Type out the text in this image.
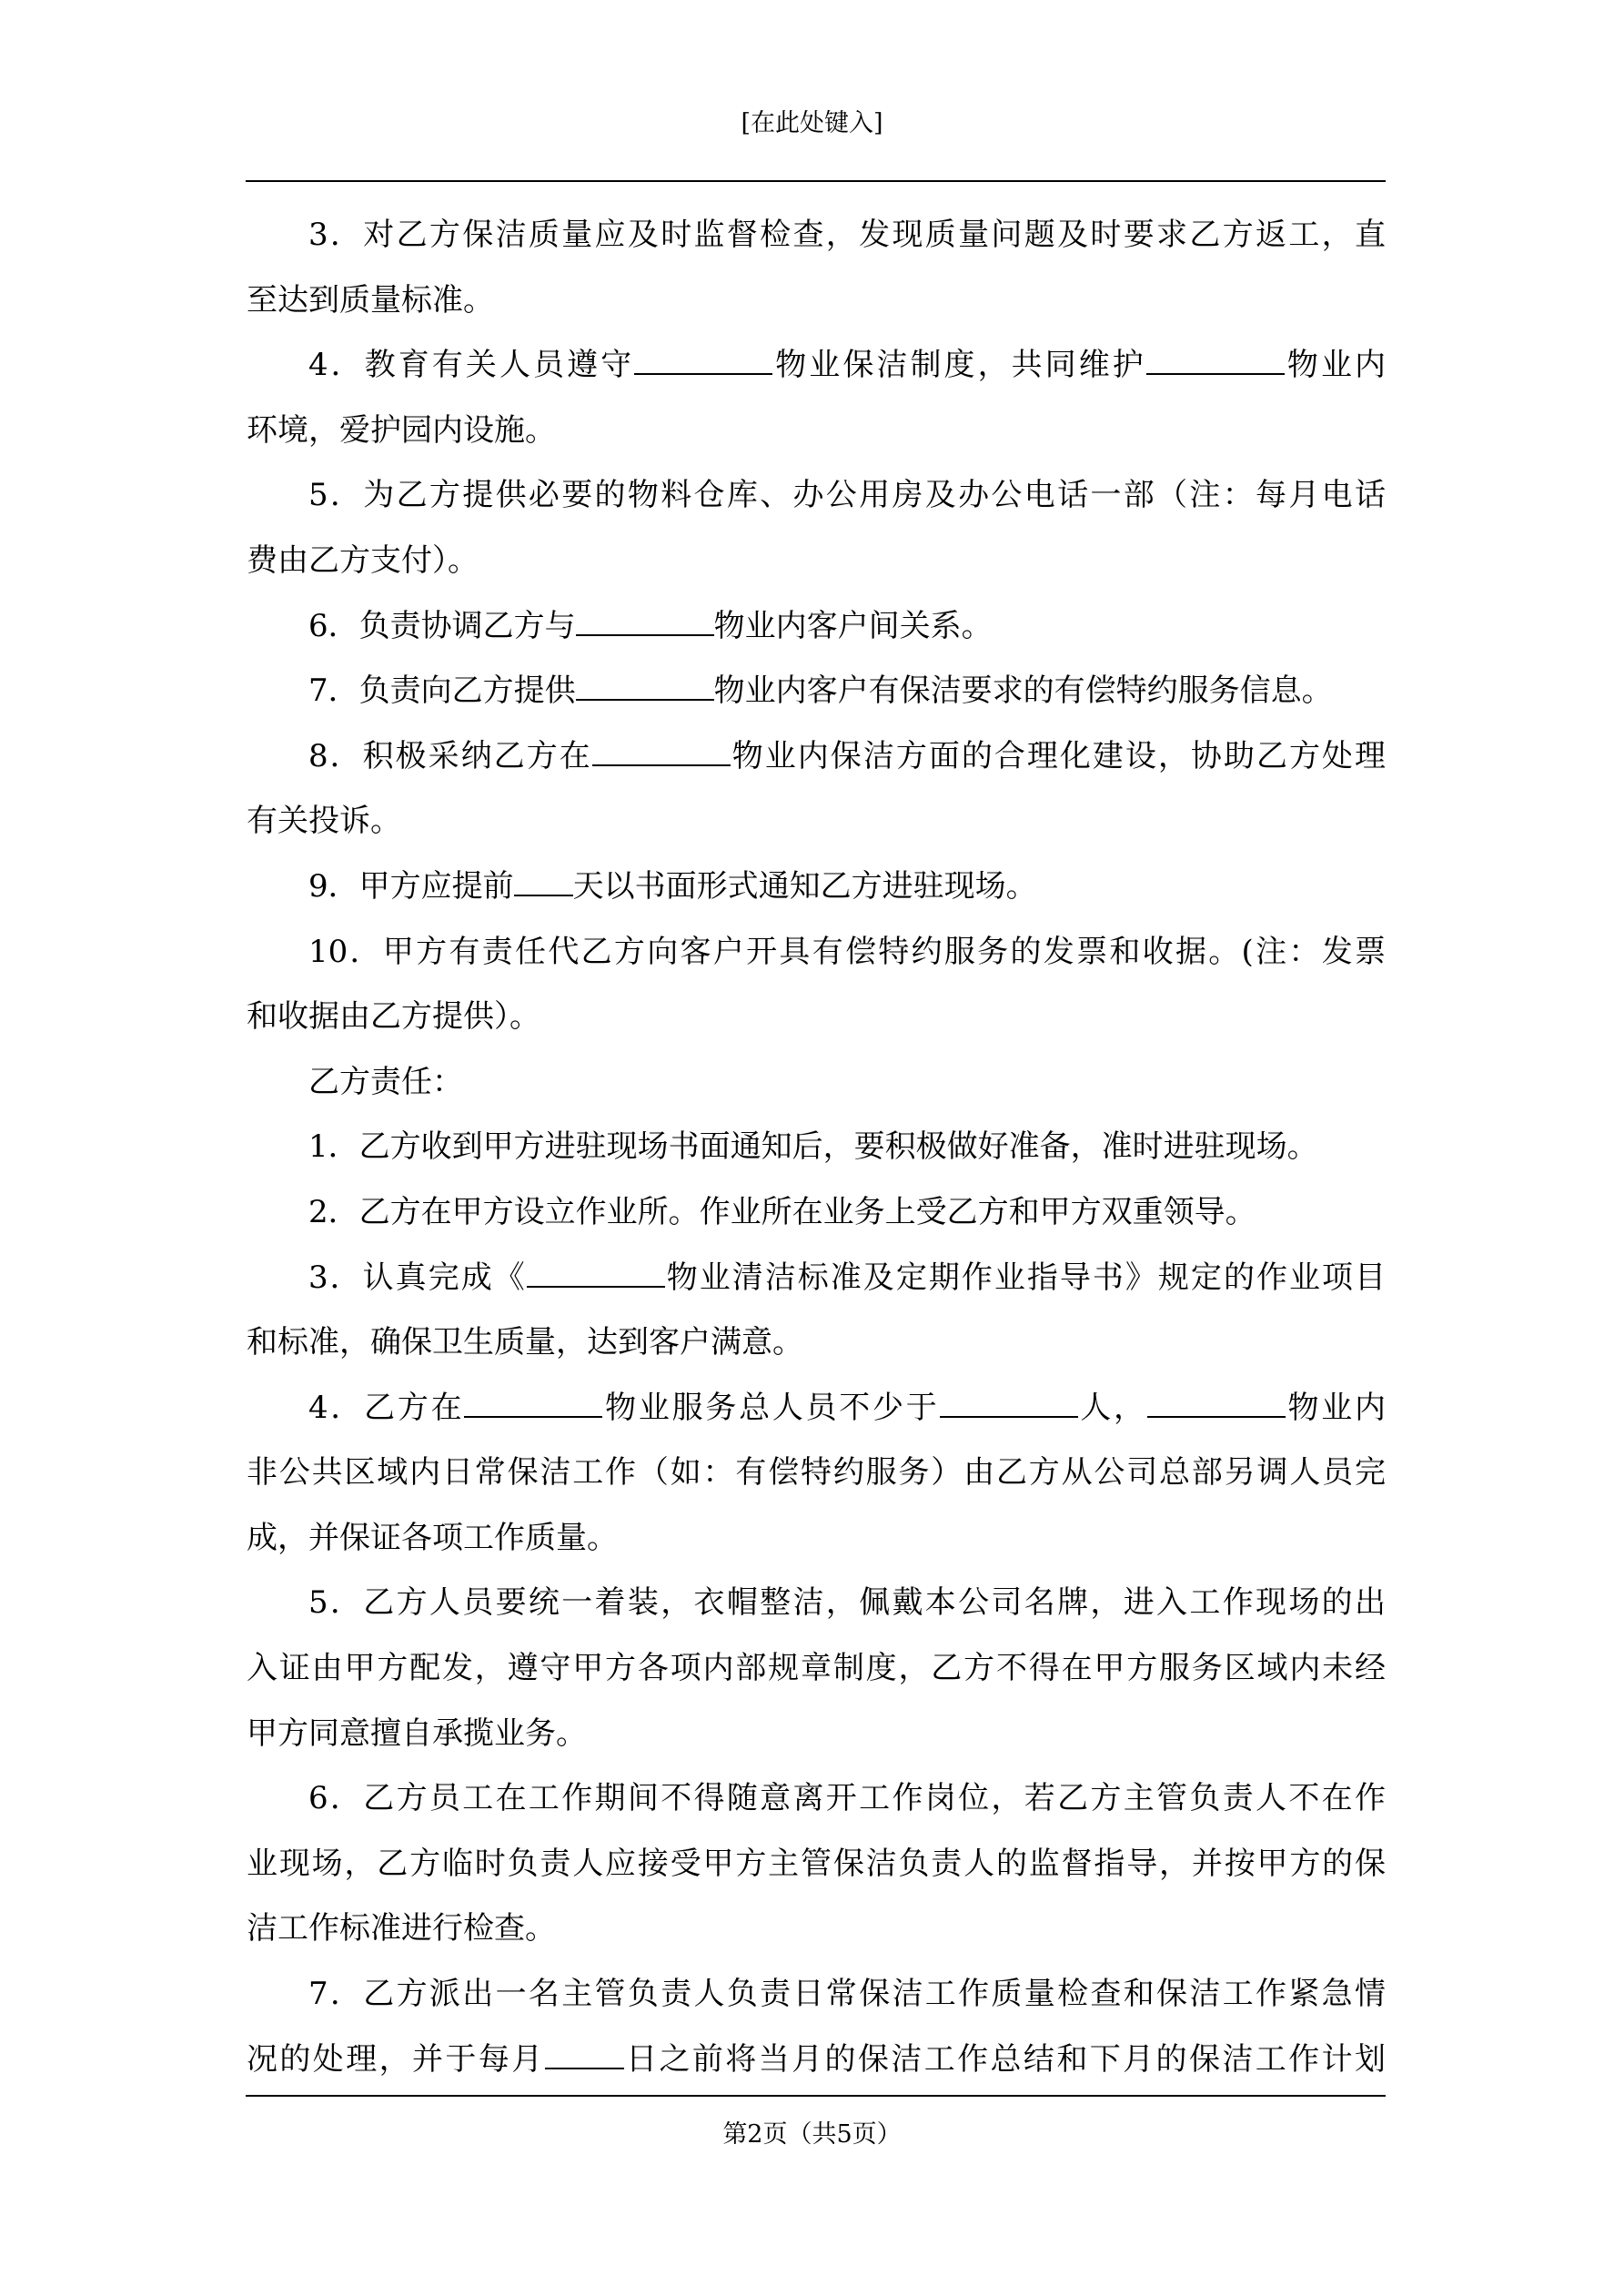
[在此处键入]

3．对乙方保洁质量应及时监督检查，发现质量问题及时要求乙方返工，直

至达到质量标准。

4．教育有关人员遵守	物业保洁制度，共同维护	物业内

环境，爱护园内设施。

5．为乙方提供必要的物料仓库、办公用房及办公电话一部（注：每月电话

费由乙方支付）。

6．负责协调乙方与	物业内客户间关系。

7．负责向乙方提供	物业内客户有保洁要求的有偿特约服务信息。

8．积极采纳乙方在	物业内保洁方面的合理化建设，协助乙方处理

有关投诉。

9．甲方应提前 天以书面形式通知乙方进驻现场。

10．甲方有责任代乙方向客户开具有偿特约服务的发票和收据。(注：发票

和收据由乙方提供）。

乙方责任：

1．乙方收到甲方进驻现场书面通知后，要积极做好准备，准时进驻现场。

2．乙方在甲方设立作业所。作业所在业务上受乙方和甲方双重领导。

3．认真完成《	物业清洁标准及定期作业指导书》规定的作业项目

和标准，确保卫生质量，达到客户满意。

4．乙方在	物业服务总人员不少于	人，	物业内

非公共区域内日常保洁工作（如：有偿特约服务）由乙方从公司总部另调人员完
成，并保证各项工作质量。

5．乙方人员要统一着装，衣帽整洁，佩戴本公司名牌，进入工作现场的出

入证由甲方配发，遵守甲方各项内部规章制度，乙方不得在甲方服务区域内未经
甲方同意擅自承揽业务。

6．乙方员工在工作期间不得随意离开工作岗位，若乙方主管负责人不在作

业现场，乙方临时负责人应接受甲方主管保洁负责人的监督指导，并按甲方的保
洁工作标准进行检查。

7．乙方派出一名主管负责人负责日常保洁工作质量检查和保洁工作紧急情

况的处理，并于每月	日之前将当月的保洁工作总结和下月的保洁工作计划
第2页（共5页）
